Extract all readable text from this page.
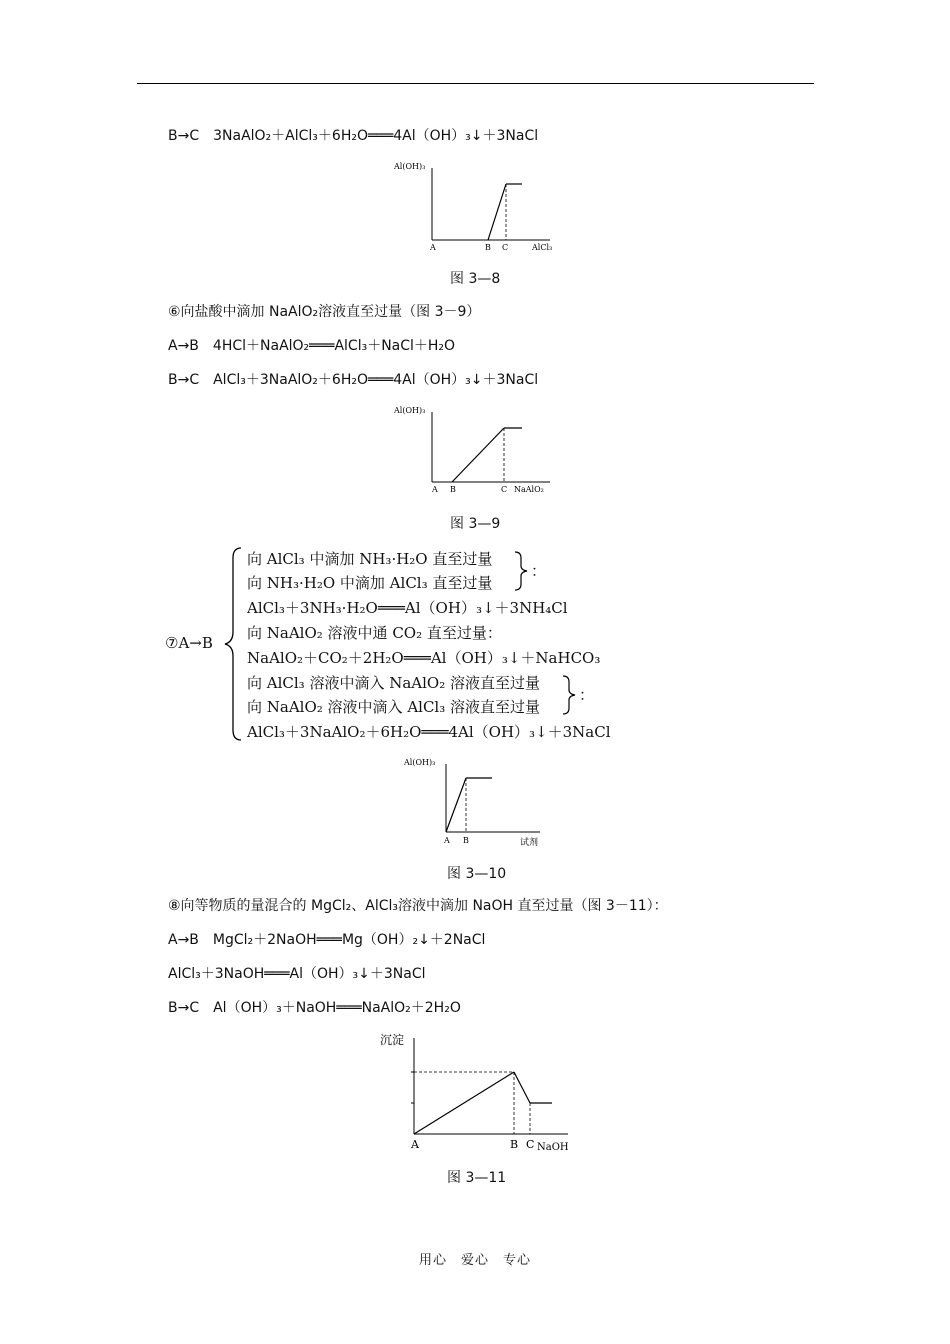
B→C　3NaAlO₂＋AlCl₃＋6H₂O═══4Al（OH）₃↓＋3NaCl
Al(OH)₃
A	B C	AlCl₃
图 3—8
⑥向盐酸中滴加 NaAlO₂溶液直至过量（图 3－9）
A→B　4HCl＋NaAlO₂═══AlCl₃＋NaCl＋H₂O
B→C　AlCl₃＋3NaAlO₂＋6H₂O═══4Al（OH）₃↓＋3NaCl
Al(OH)₃
A B	C NaAlO₂
图 3—9
⑦A→B
向 AlCl₃ 中滴加 NH₃·H₂O 直至过量
向 NH₃·H₂O 中滴加 AlCl₃ 直至过量
：
AlCl₃＋3NH₃·H₂O═══Al（OH）₃↓＋3NH₄Cl
向 NaAlO₂ 溶液中通 CO₂ 直至过量：
NaAlO₂＋CO₂＋2H₂O═══Al（OH）₃↓＋NaHCO₃
向 AlCl₃ 溶液中滴入 NaAlO₂ 溶液直至过量
向 NaAlO₂ 溶液中滴入 AlCl₃ 溶液直至过量
：
AlCl₃＋3NaAlO₂＋6H₂O═══4Al（OH）₃↓＋3NaCl
Al(OH)₃
A B	试剂
图 3—10
⑧向等物质的量混合的 MgCl₂、AlCl₃溶液中滴加 NaOH 直至过量（图 3－11）：
A→B　MgCl₂＋2NaOH═══Mg（OH）₂↓＋2NaCl
AlCl₃＋3NaOH═══Al（OH）₃↓＋3NaCl
B→C　Al（OH）₃＋NaOH═══NaAlO₂＋2H₂O
沉淀
A	B C NaOH
图 3—11
用心　爱心　专心
